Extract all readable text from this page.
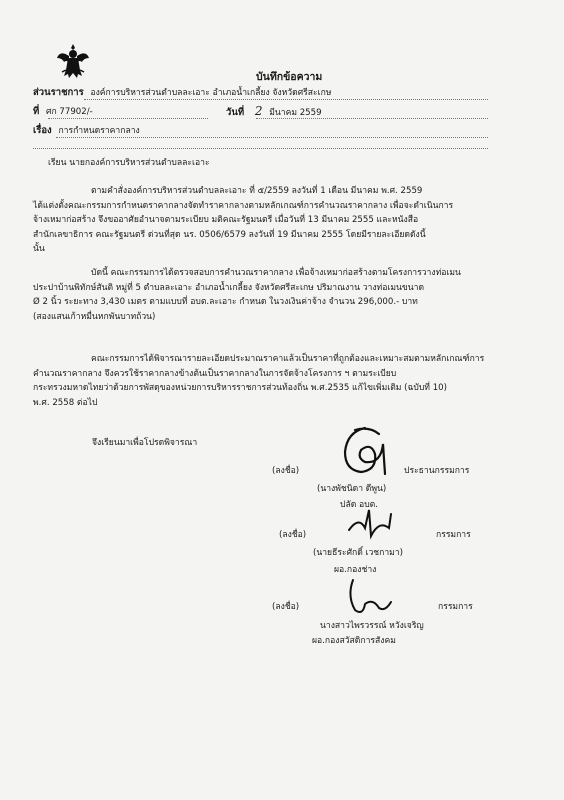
บันทึกข้อความ
ส่วนราชการ องค์การบริหารส่วนตำบลละเอาะ อำเภอน้ำเกลี้ยง จังหวัดศรีสะเกษ
ที่ ศก 77902/-	วันที่ 2 มีนาคม 2559
เรื่อง การกำหนดราคากลาง
เรียน นายกองค์การบริหารส่วนตำบลละเอาะ
ตามคำสั่งองค์การบริหารส่วนตำบลละเอาะ ที่ ๕/2559 ลงวันที่ 1 เดือน มีนาคม พ.ศ. 2559
ได้แต่งตั้งคณะกรรมการกำหนดราคากลางจัดทำราคากลางตามหลักเกณฑ์การคำนวณราคากลาง เพื่อจะดำเนินการ
จ้างเหมาก่อสร้าง จึงขออาศัยอำนาจตามระเบียบ มติคณะรัฐมนตรี เมื่อวันที่ 13 มีนาคม 2555 และหนังสือ
สำนักเลขาธิการ คณะรัฐมนตรี ด่วนที่สุด นร. 0506/6579 ลงวันที่ 19 มีนาคม 2555 โดยมีรายละเอียดดังนี้
นั้น
บัดนี้ คณะกรรมการได้ตรวจสอบการคำนวณราคากลาง เพื่อจ้างเหมาก่อสร้างตามโครงการวางท่อเมน
ประปาบ้านพิทักษ์สันติ หมู่ที่ 5 ตำบลละเอาะ อำเภอน้ำเกลี้ยง จังหวัดศรีสะเกษ ปริมาณงาน วางท่อเมนขนาด
Ø 2 นิ้ว ระยะทาง 3,430 เมตร ตามแบบที่ อบต.ละเอาะ กำหนด ในวงเงินค่าจ้าง จำนวน 296,000.- บาท
(สองแสนเก้าหมื่นหกพันบาทถ้วน)
คณะกรรมการได้พิจารณารายละเอียดประมาณราคาแล้วเป็นราคาที่ถูกต้องและเหมาะสมตามหลักเกณฑ์การ
คำนวณราคากลาง จึงควรใช้ราคากลางข้างต้นเป็นราคากลางในการจัดจ้างโครงการ ฯ ตามระเบียบ
กระทรวงมหาดไทยว่าด้วยการพัสดุของหน่วยการบริหารราชการส่วนท้องถิ่น พ.ศ.2535 แก้ไขเพิ่มเติม (ฉบับที่ 10)
พ.ศ. 2558 ต่อไป
จึงเรียนมาเพื่อโปรดพิจารณา
(ลงชื่อ)	ประธานกรรมการ
(นางพัชนิดา ดีพูน)
ปลัด อบต.
(ลงชื่อ)	กรรมการ
(นายธีระศักดิ์ เวชกามา)
ผอ.กองช่าง
(ลงชื่อ)	กรรมการ
นางสาวไพรวรรณ์ หวังเจริญ
ผอ.กองสวัสดิการสังคม
